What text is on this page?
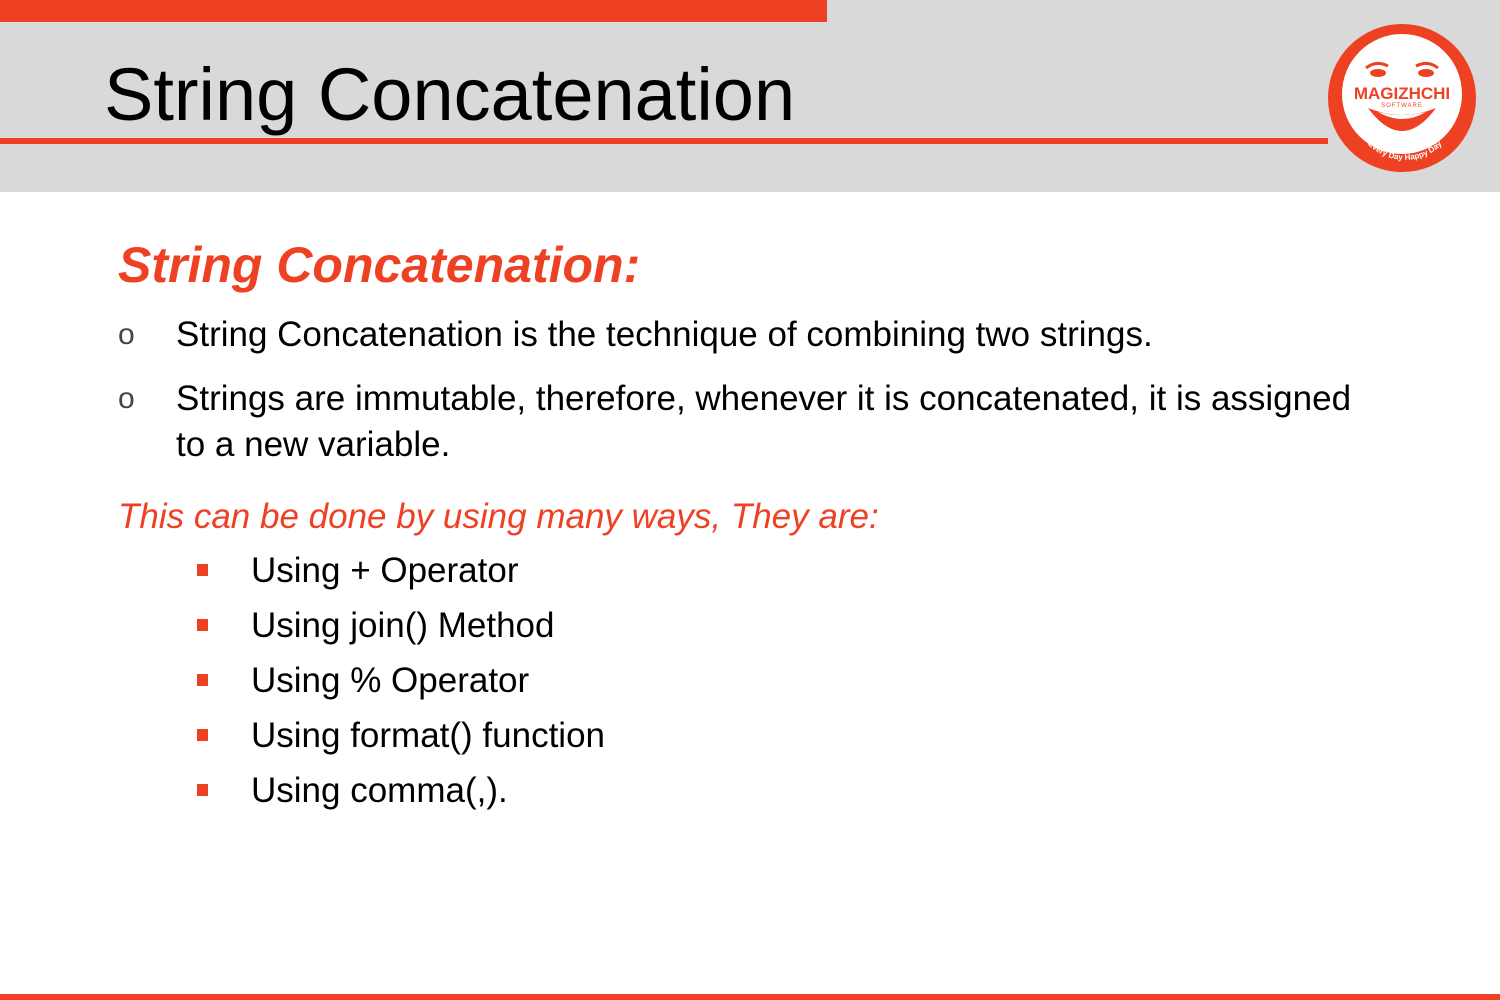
String Concatenation	MAGIZHCHI
SOFTWARE
Every Day Happy Day
String Concatenation:
o String Concatenation is the technique of combining two strings.
o Strings are immutable, therefore, whenever it is concatenated, it is assigned to a new variable.

This can be done by using many ways, They are:

Using + Operator
Using join() Method
Using % Operator
Using format() function
Using comma(,).
